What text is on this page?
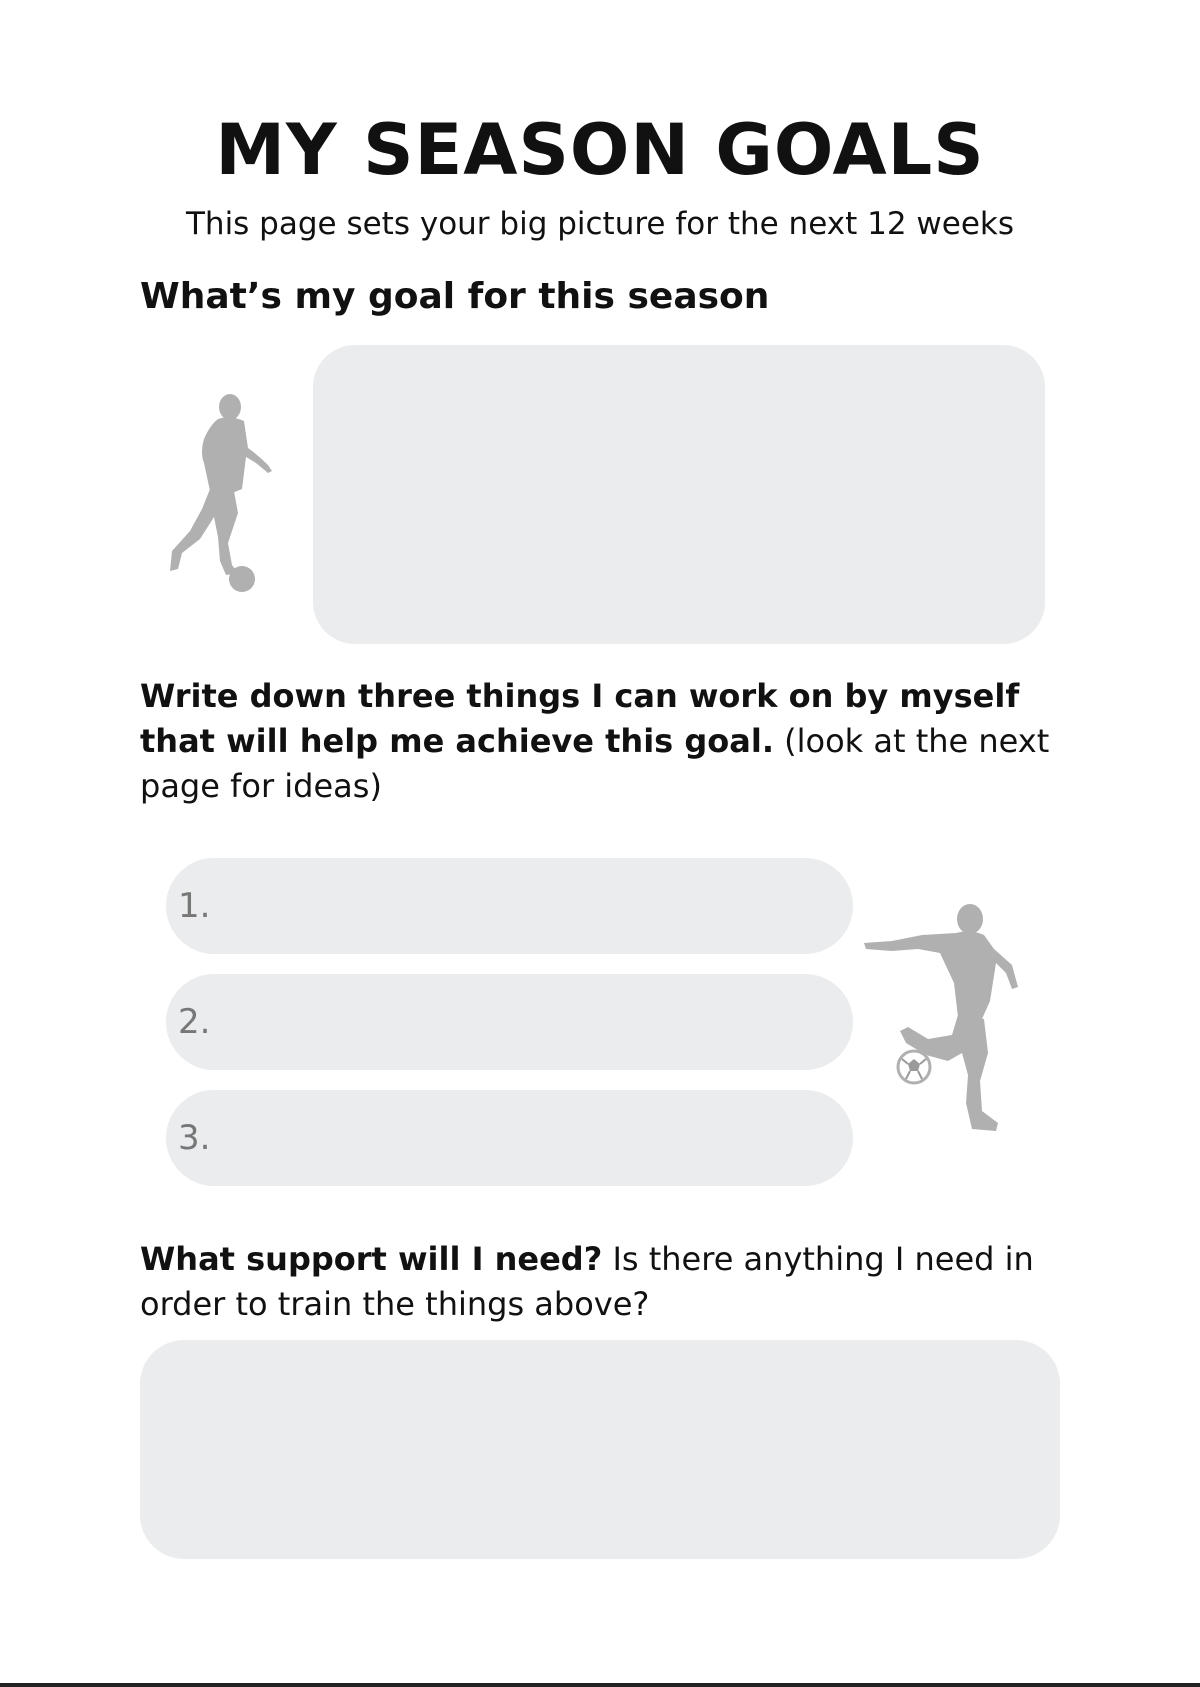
MY SEASON GOALS

This page sets your big picture for the next 12 weeks

What’s my goal for this season

Write down three things I can work on by myself that will help me achieve this goal. (look at the next page for ideas)

1.
2.
3.

What support will I need? Is there anything I need in order to train the things above?
